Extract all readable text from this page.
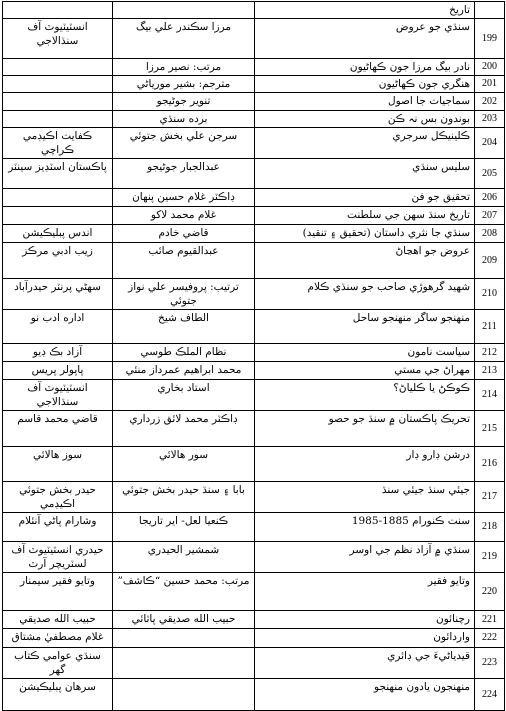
		تاريخ	
انسٽيٽيوٽ آف سنڌالاجي	مرزا سڪندر علي بيگ	سنڌي جو عروض	199
	مرتب: نصير مرزا	نادر بيگ مرزا جون ڪهاڻيون	200
	مترجم: بشير مورياڻي	هنگري جون ڪهاڻيون	201
	تنوير جوڻيجو	سماجيات جا اصول	202
	برده سنڌي	بوندون بس نہ ڪن	203
ڪفايت اڪيڊمي ڪراچي	سرجن علي بخش جتوئي	ڪلينيڪل سرجري	204
پاڪستان اسٽڊيز سينٽر	عبدالجبار جوڻيجو	سليس سنڌي	205
	ڊاڪٽر غلام حسين پنهان	تحقيق جو فن	206
	غلام محمد لاکو	تاريخ سنڌ سهن جي سلطنت	207
اندس پبليڪيشن	قاضي خادم	سنڌي جا نثري داستان (تحقيق ۽ تنقيد)	208
زيب ادبي مرڪز	عبدالقيوم صائب	عروض جو اهڃاڻ	209
سهڻي پرنٽر حيدرآباد	ترتيب: پروفيسر علي نواز جتوئي	شهيد گرهوڙي صاحب جو سنڌي ڪلام	210
اداره ادب نو	الطاف شيخ	منهنجو ساگر منهنجو ساحل	211
آزاد بڪ ڊيو	نظام الملڪ طوسي	سياست نامون	212
پاپولر پريس	محمد ابراهيم عمرداز منئي	مهراڻ جي مستي	213
انسٽيٽيوٽ آف سنڌالاجي	استاد بخاري	ڪوڪڻ يا ڪلياڻ؟	214
قاضي محمد قاسم	ڊاڪٽر محمد لائق زرداري	تحريڪ پاڪستان ۾ سنڌ جو حصو	215
سوز هالائي	سور هالائي	درشن ڊارو ڊار	216
حيدر بخش جتوئي اڪيڊمي	بابا ۽ سنڌ حيدر بخش جتوئي	جيئي سنڌ جيئي سنڌ	217
وشارام پاڻي آنئلام	ڪنعيا لعل- اير تاريجا	سنت ڪنورام 1885-1985	218
حيدري انسٽيٽيوٽ آف لسٽريچر آرٽ	شمشير الحيدري	سنڌي ۾ آزاد نظم جي اوسر	219
وتايو فقير سيمنار	مرتب: محمد حسين “ڪاشف”	وتايو فقير	220
حبيب الله صديقي	حبيب الله صديقي پاٽائي	رچنائون	221
غلام مصطفيٰ مشتاق		واردائون	222
سنڌي عوامي ڪتاب گهر		قيدياڻيءَ جي ڊائري	223
سرهان پبليڪيشن		منهنجون يادون منهنجو	224
